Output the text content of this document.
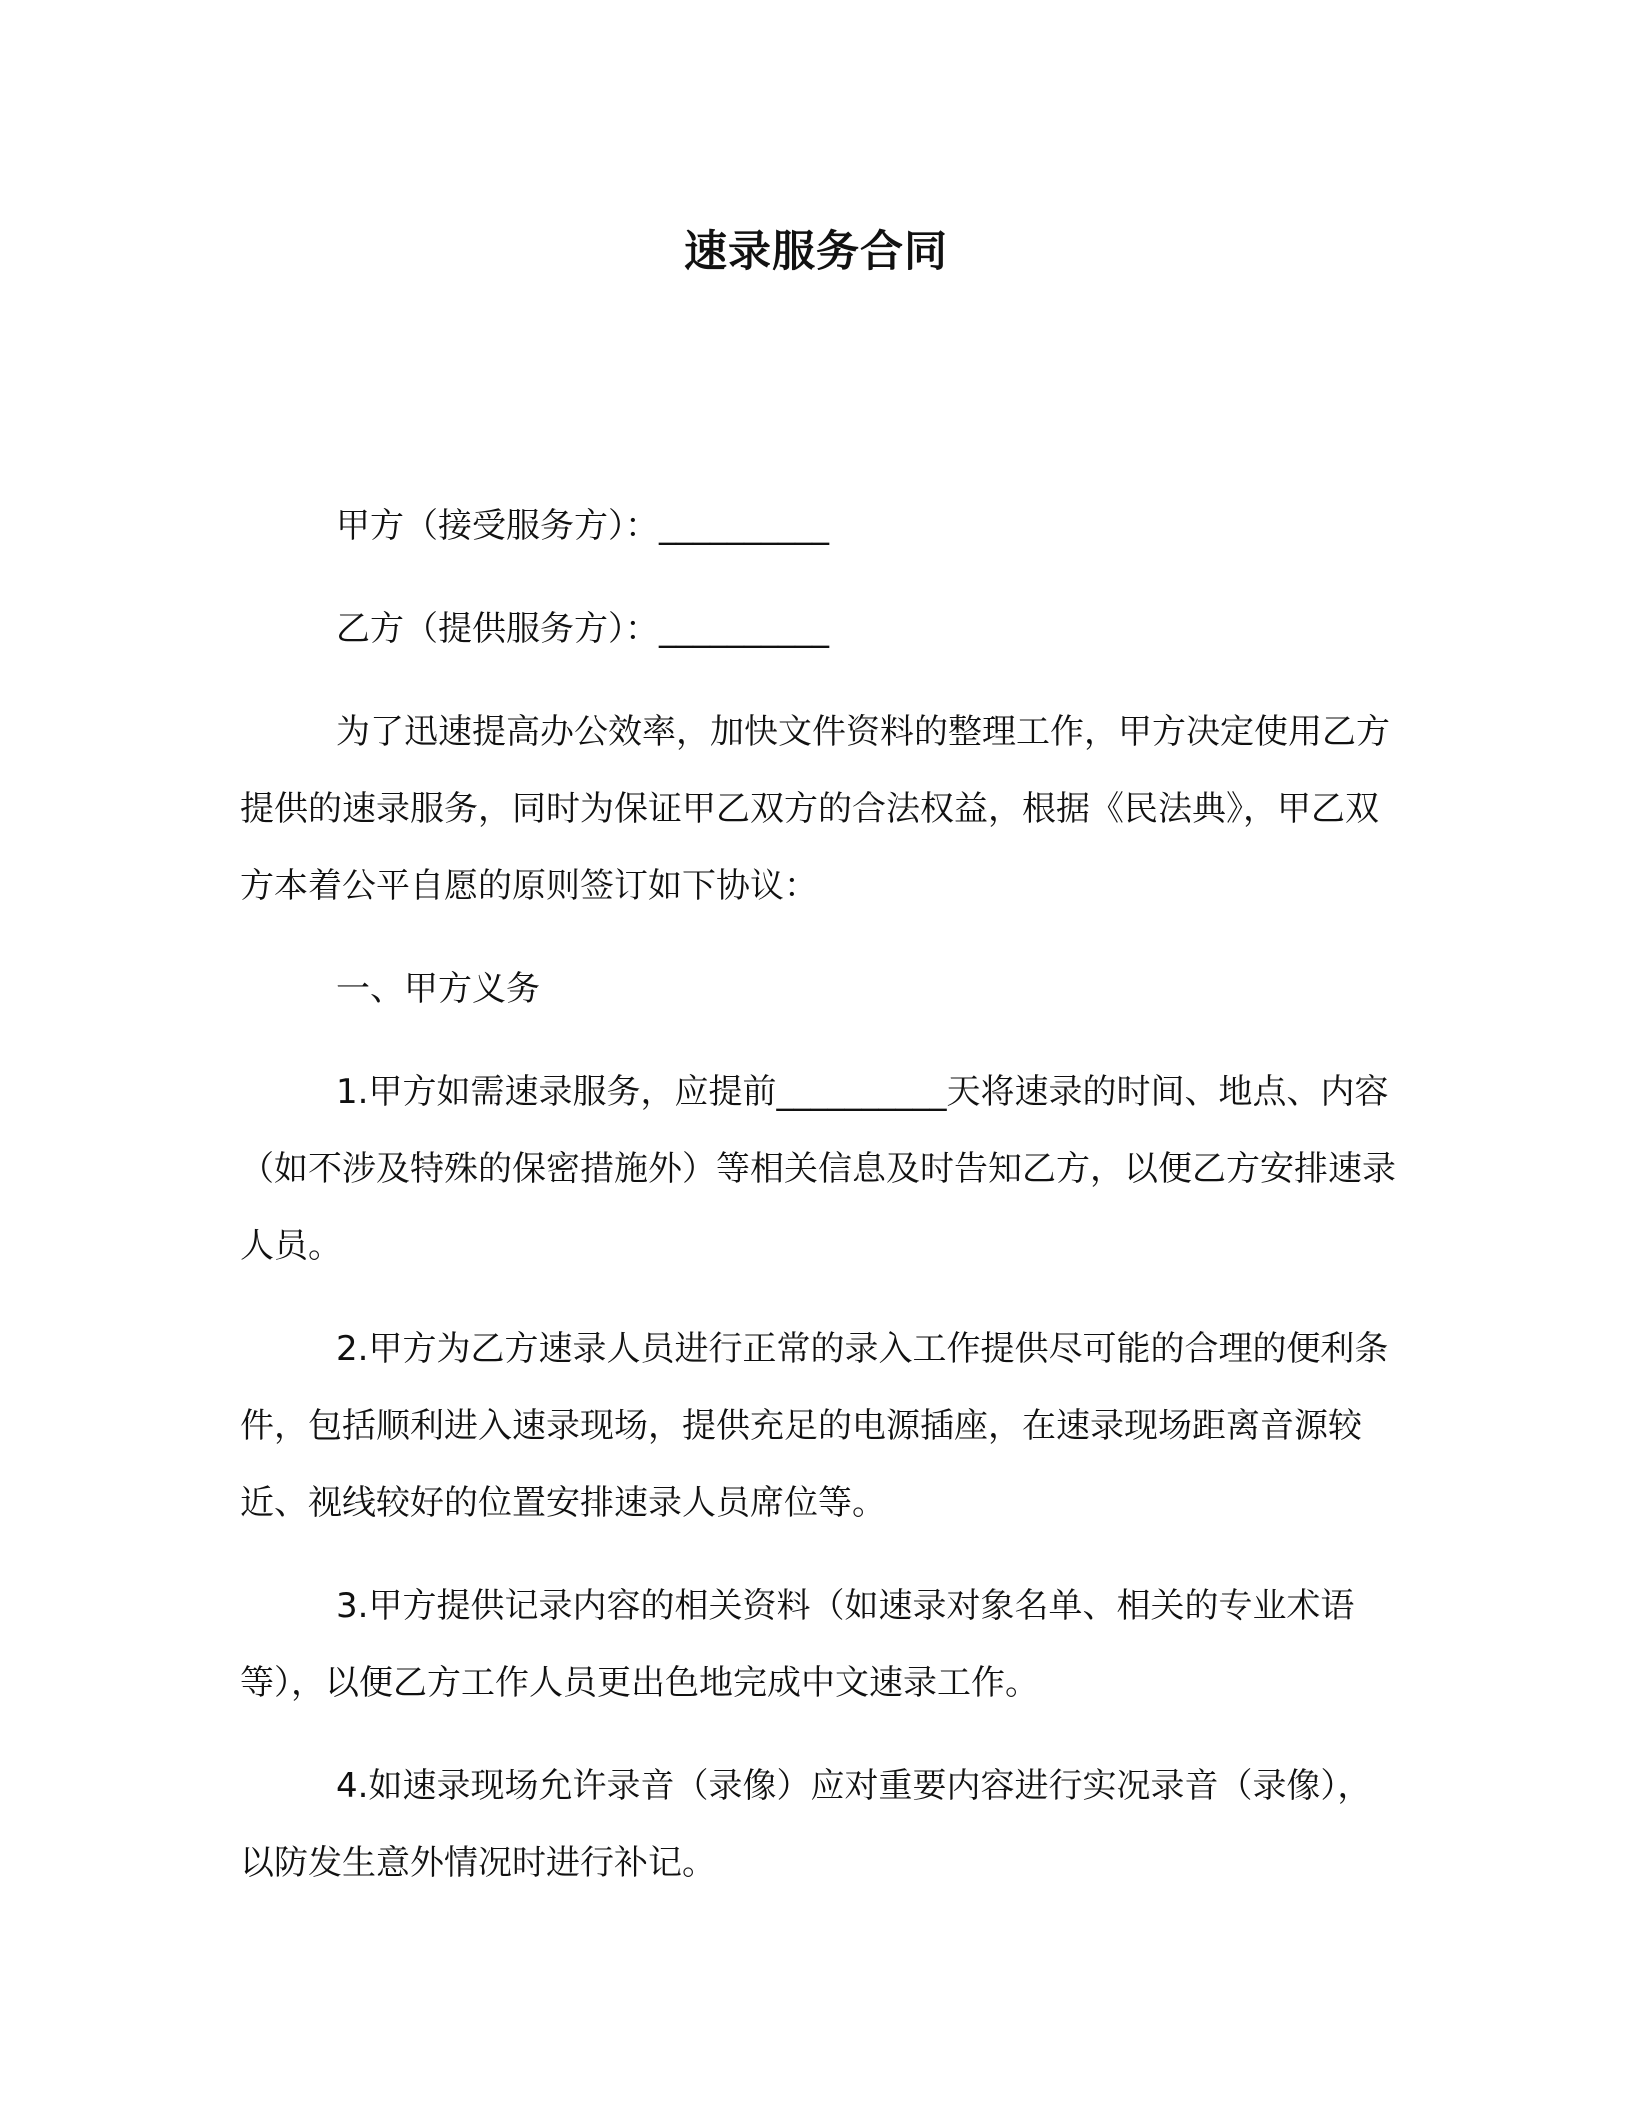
速录服务合同

甲方（接受服务方）：__________

乙方（提供服务方）：__________

为了迅速提高办公效率，加快文件资料的整理工作，甲方决定使用乙方提供的速录服务，同时为保证甲乙双方的合法权益，根据《民法典》，甲乙双方本着公平自愿的原则签订如下协议：

一、甲方义务

1.甲方如需速录服务，应提前__________天将速录的时间、地点、内容（如不涉及特殊的保密措施外）等相关信息及时告知乙方，以便乙方安排速录人员。

2.甲方为乙方速录人员进行正常的录入工作提供尽可能的合理的便利条件，包括顺利进入速录现场，提供充足的电源插座，在速录现场距离音源较近、视线较好的位置安排速录人员席位等。

3.甲方提供记录内容的相关资料（如速录对象名单、相关的专业术语等），以便乙方工作人员更出色地完成中文速录工作。

4.如速录现场允许录音（录像）应对重要内容进行实况录音（录像），以防发生意外情况时进行补记。
